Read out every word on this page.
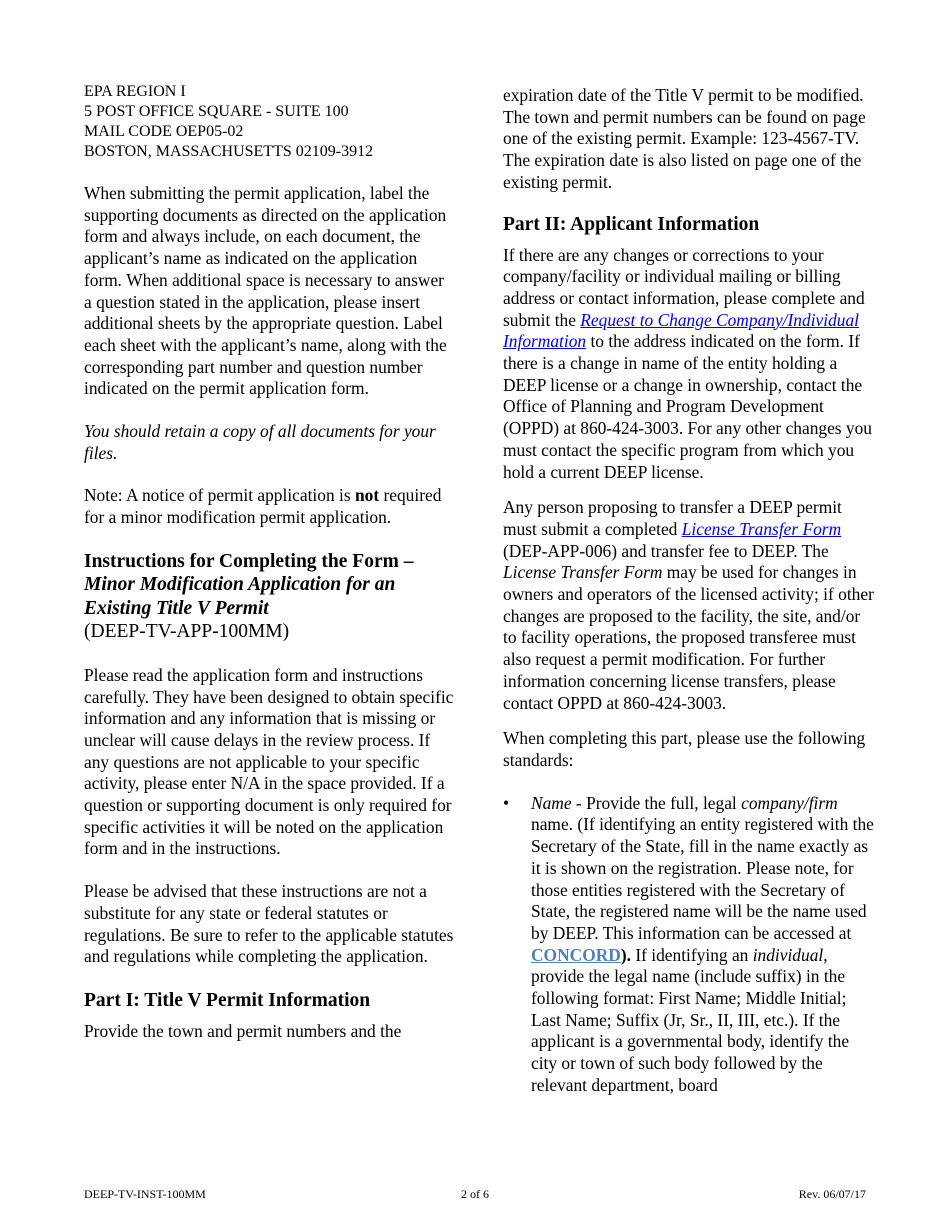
EPA REGION I

5 POST OFFICE SQUARE - SUITE 100

MAIL CODE OEP05-02

BOSTON, MASSACHUSETTS 02109-3912

When submitting the permit application, label the supporting documents as directed on the application form and always include, on each document, the applicant’s name as indicated on the application form. When additional space is necessary to answer a question stated in the application, please insert additional sheets by the appropriate question. Label each sheet with the applicant’s name, along with the corresponding part number and question number indicated on the permit application form.

You should retain a copy of all documents for your files.

Note: A notice of permit application is not required for a minor modification permit application.

Instructions for Completing the Form – Minor Modification Application for an Existing Title V Permit
(DEEP-TV-APP-100MM)

Please read the application form and instructions carefully. They have been designed to obtain specific information and any information that is missing or unclear will cause delays in the review process. If any questions are not applicable to your specific activity, please enter N/A in the space provided. If a question or supporting document is only required for specific activities it will be noted on the application form and in the instructions.

Please be advised that these instructions are not a substitute for any state or federal statutes or regulations. Be sure to refer to the applicable statutes and regulations while completing the application.

Part I: Title V Permit Information

Provide the town and permit numbers and the

expiration date of the Title V permit to be modified. The town and permit numbers can be found on page one of the existing permit. Example: 123-4567-TV. The expiration date is also listed on page one of the existing permit.

Part II: Applicant Information

If there are any changes or corrections to your company/facility or individual mailing or billing address or contact information, please complete and submit the Request to Change Company/Individual Information to the address indicated on the form. If there is a change in name of the entity holding a DEEP license or a change in ownership, contact the Office of Planning and Program Development (OPPD) at 860-424-3003. For any other changes you must contact the specific program from which you hold a current DEEP license.

Any person proposing to transfer a DEEP permit must submit a completed License Transfer Form (DEP-APP-006) and transfer fee to DEEP. The License Transfer Form may be used for changes in owners and operators of the licensed activity; if other changes are proposed to the facility, the site, and/or to facility operations, the proposed transferee must also request a permit modification. For further information concerning license transfers, please contact OPPD at 860-424-3003.

When completing this part, please use the following standards:

• Name - Provide the full, legal company/firm name. (If identifying an entity registered with the Secretary of the State, fill in the name exactly as it is shown on the registration. Please note, for those entities registered with the Secretary of State, the registered name will be the name used by DEEP. This information can be accessed at CONCORD). If identifying an individual, provide the legal name (include suffix) in the following format: First Name; Middle Initial; Last Name; Suffix (Jr, Sr., II, III, etc.). If the applicant is a governmental body, identify the city or town of such body followed by the relevant department, board
DEEP-TV-INST-100MM	2 of 6	Rev. 06/07/17
